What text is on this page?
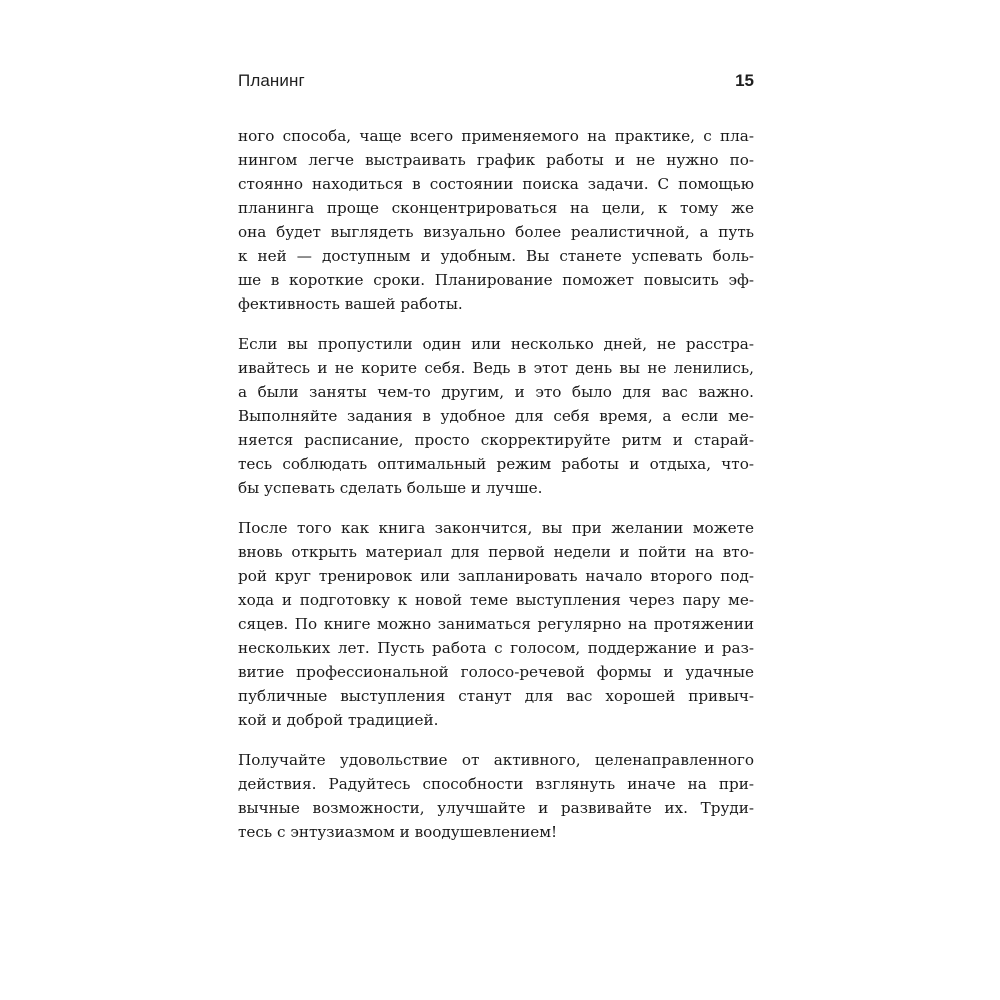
Планинг	15

ного способа, чаще всего применяемого на практике, с пла-
нингом легче выстраивать график работы и не нужно по-
стоянно находиться в состоянии поиска задачи. С помощью
планинга проще сконцентрироваться на цели, к тому же
она будет выглядеть визуально более реалистичной, а путь
к ней — доступным и удобным. Вы станете успевать боль-
ше в короткие сроки. Планирование поможет повысить эф-
фективность вашей работы.

Если вы пропустили один или несколько дней, не расстра-
ивайтесь и не корите себя. Ведь в этот день вы не ленились,
а были заняты чем-то другим, и это было для вас важно.
Выполняйте задания в удобное для себя время, а если ме-
няется расписание, просто скорректируйте ритм и старай-
тесь соблюдать оптимальный режим работы и отдыха, что-
бы успевать сделать больше и лучше.

После того как книга закончится, вы при желании можете
вновь открыть материал для первой недели и пойти на вто-
рой круг тренировок или запланировать начало второго под-
хода и подготовку к новой теме выступления через пару ме-
сяцев. По книге можно заниматься регулярно на протяжении
нескольких лет. Пусть работа с голосом, поддержание и раз-
витие профессиональной голосо-речевой формы и удачные
публичные выступления станут для вас хорошей привыч-
кой и доброй традицией.

Получайте удовольствие от активного, целенаправленного
действия. Радуйтесь способности взглянуть иначе на при-
вычные возможности, улучшайте и развивайте их. Труди-
тесь с энтузиазмом и воодушевлением!
